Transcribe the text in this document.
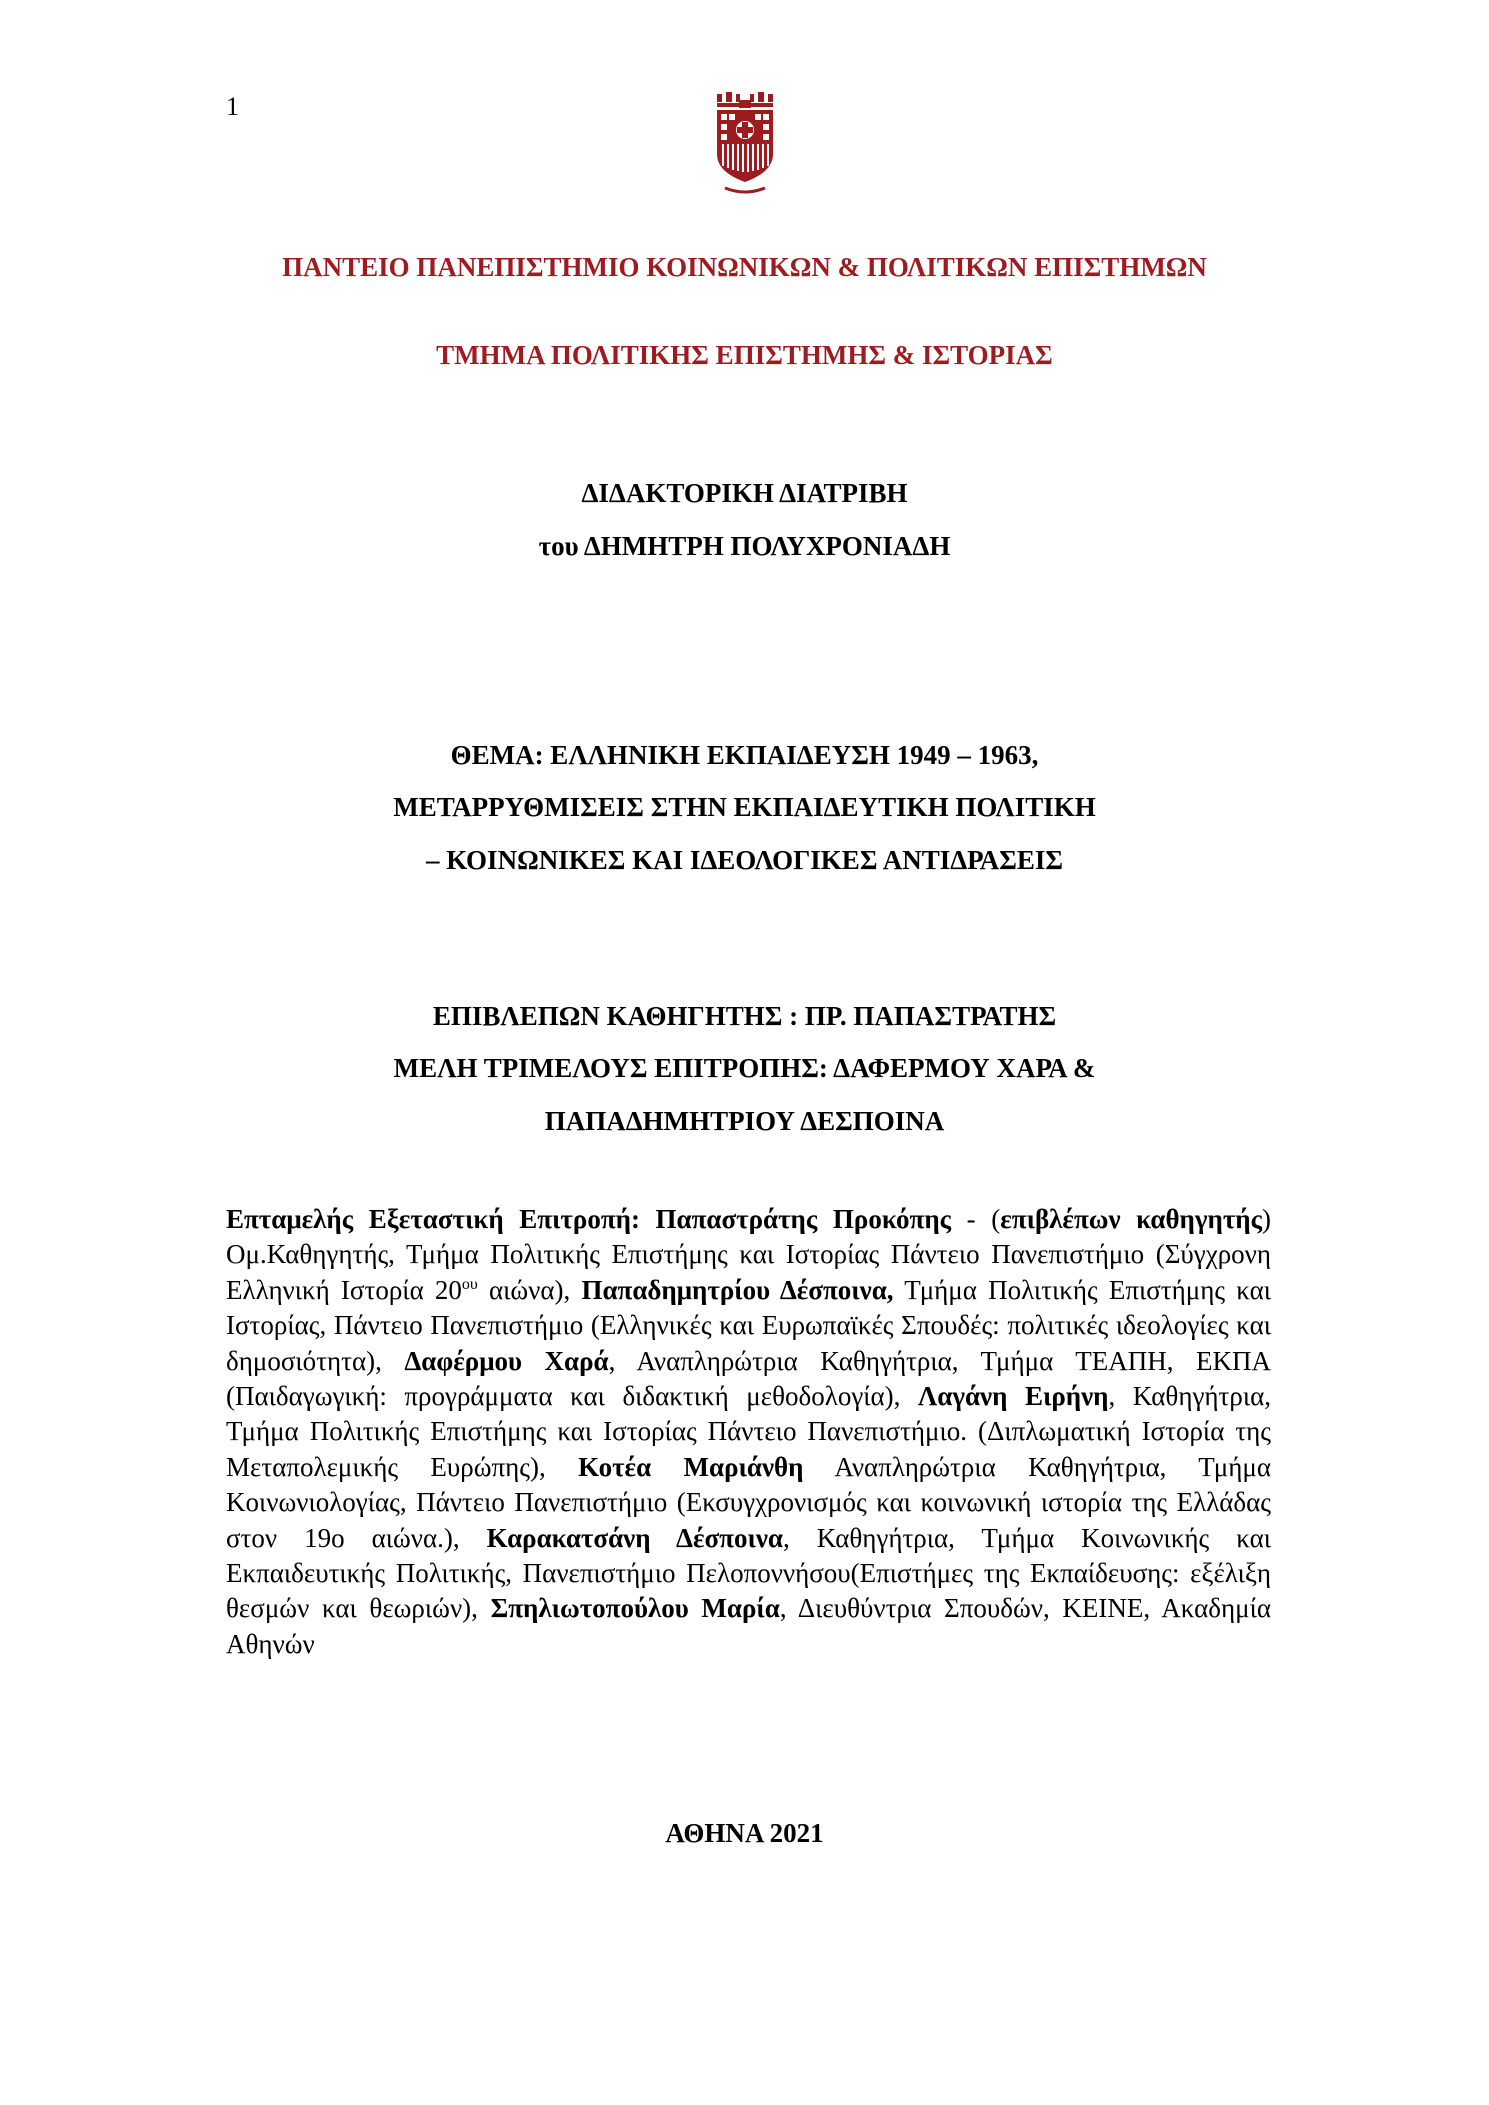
1
ΠΑΝΤΕΙΟ ΠΑΝΕΠΙΣΤΗΜΙΟ ΚΟΙΝΩΝΙΚΩΝ & ΠΟΛΙΤΙΚΩΝ ΕΠΙΣΤΗΜΩΝ
ΤΜΗΜΑ ΠΟΛΙΤΙΚΗΣ ΕΠΙΣΤΗΜΗΣ & ΙΣΤΟΡΙΑΣ
ΔΙΔΑΚΤΟΡΙΚΗ ΔΙΑΤΡΙΒΗ
του ΔΗΜΗΤΡΗ ΠΟΛΥΧΡΟΝΙΑΔΗ
ΘΕΜΑ: ΕΛΛΗΝΙΚΗ ΕΚΠΑΙΔΕΥΣΗ 1949 – 1963,
ΜΕΤΑΡΡΥΘΜΙΣΕΙΣ ΣΤΗΝ ΕΚΠΑΙΔΕΥΤΙΚΗ ΠΟΛΙΤΙΚΗ
– ΚΟΙΝΩΝΙΚΕΣ ΚΑΙ ΙΔΕΟΛΟΓΙΚΕΣ ΑΝΤΙΔΡΑΣΕΙΣ
ΕΠΙΒΛΕΠΩΝ ΚΑΘΗΓΗΤΗΣ : ΠΡ. ΠΑΠΑΣΤΡΑΤΗΣ
ΜΕΛΗ ΤΡΙΜΕΛΟΥΣ ΕΠΙΤΡΟΠΗΣ: ΔΑΦΕΡΜΟΥ ΧΑΡΑ &
ΠΑΠΑΔΗΜΗΤΡΙΟΥ ΔΕΣΠΟΙΝΑ
Επταμελής Εξεταστική Επιτροπή: Παπαστράτης Προκόπης - (επιβλέπων καθηγητής) Ομ.Καθηγητής, Τμήμα Πολιτικής Επιστήμης και Ιστορίας Πάντειο Πανεπιστήμιο (Σύγχρονη Ελληνική Ιστορία $20^{o\upsilon}$ αιώνα), Παπαδημητρίου Δέσποινα, Τμήμα Πολιτικής Επιστήμης και Ιστορίας, Πάντειο Πανεπιστήμιο (Ελληνικές και Ευρωπαϊκές Σπουδές: πολιτικές ιδεολογίες και δημοσιότητα), Δαφέρμου Χαρά, Αναπληρώτρια Καθηγήτρια, Τμήμα ΤΕΑΠΗ, ΕΚΠΑ (Παιδαγωγική: προγράμματα και διδακτική μεθοδολογία), Λαγάνη Ειρήνη, Καθηγήτρια, Τμήμα Πολιτικής Επιστήμης και Ιστορίας Πάντειο Πανεπιστήμιο. (Διπλωματική Ιστορία της Μεταπολεμικής Ευρώπης), Κοτέα Μαριάνθη Αναπληρώτρια Καθηγήτρια, Τμήμα Κοινωνιολογίας, Πάντειο Πανεπιστήμιο (Εκσυγχρονισμός και κοινωνική ιστορία της Ελλάδας στον 19ο αιώνα.), Καρακατσάνη Δέσποινα, Καθηγήτρια, Τμήμα Κοινωνικής και Εκπαιδευτικής Πολιτικής, Πανεπιστήμιο Πελοποννήσου(Επιστήμες της Εκπαίδευσης: εξέλιξη θεσμών και θεωριών), Σπηλιωτοπούλου Μαρία, Διευθύντρια Σπουδών, ΚΕΙΝΕ, Ακαδημία Αθηνών
ΑΘΗΝΑ 2021
